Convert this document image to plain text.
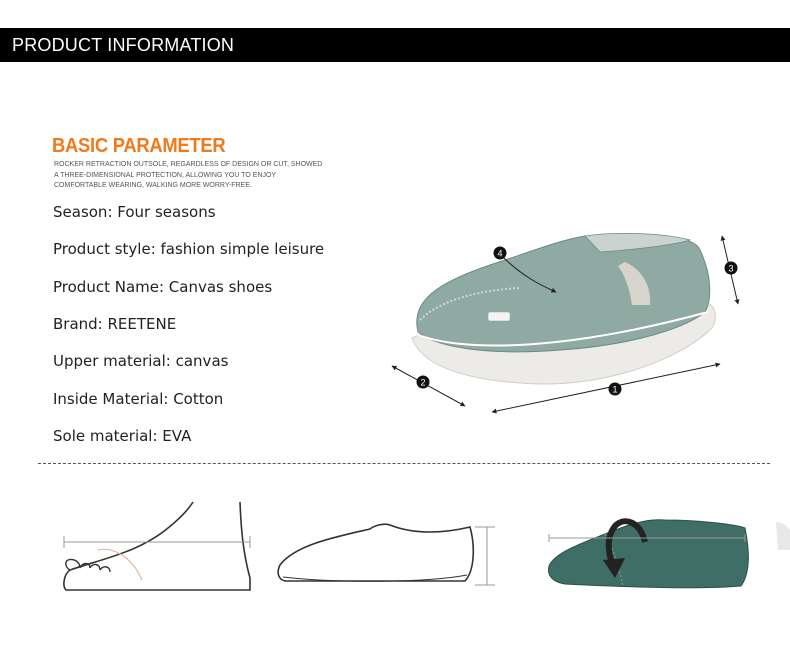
PRODUCT INFORMATION
BASIC PARAMETER
ROCKER RETRACTION OUTSOLE, REGARDLESS OF DESIGN OR CUT, SHOWED A THREE-DIMENSIONAL PROTECTION, ALLOWING YOU TO ENJOY COMFORTABLE WEARING, WALKING MORE WORRY-FREE.
Season: Four seasons
Product style: fashion simple leisure
Product Name: Canvas shoes
Brand: REETENE
Upper material: canvas
Inside Material: Cotton
Sole material: EVA
4
3
2
1
